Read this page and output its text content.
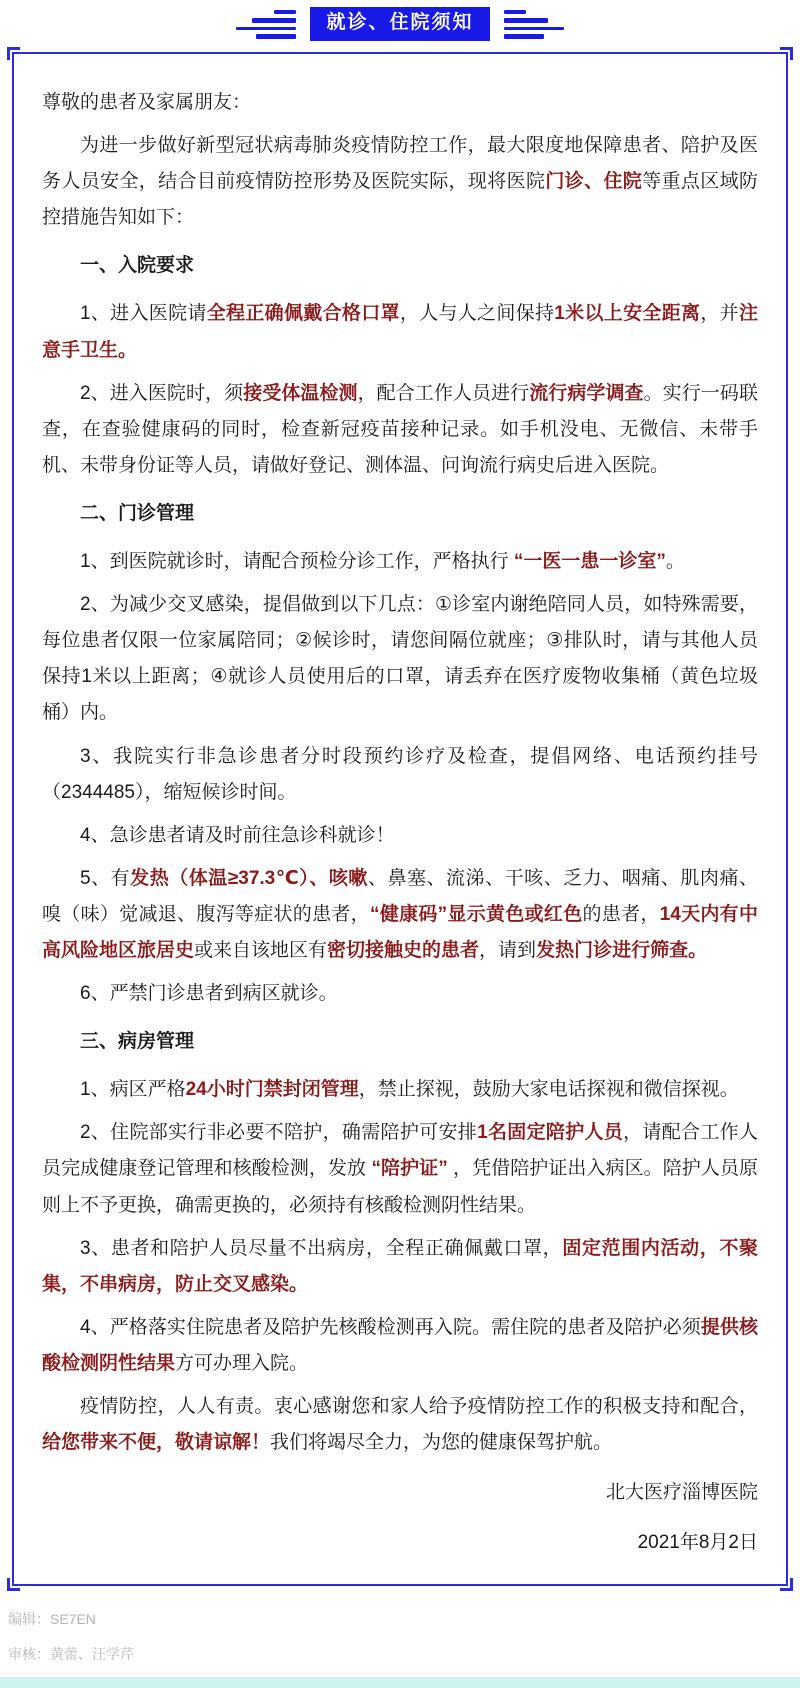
就诊、住院须知

尊敬的患者及家属朋友：

为进一步做好新型冠状病毒肺炎疫情防控工作，最大限度地保障患者、陪护及医务人员安全，结合目前疫情防控形势及医院实际，现将医院门诊、住院等重点区域防控措施告知如下：

一、入院要求

1、进入医院请全程正确佩戴合格口罩，人与人之间保持1米以上安全距离，并注意手卫生。

2、进入医院时，须接受体温检测，配合工作人员进行流行病学调查。实行一码联查，在查验健康码的同时，检查新冠疫苗接种记录。如手机没电、无微信、未带手机、未带身份证等人员，请做好登记、测体温、问询流行病史后进入医院。

二、门诊管理

1、到医院就诊时，请配合预检分诊工作，严格执行 “一医一患一诊室”。

2、为减少交叉感染，提倡做到以下几点：①诊室内谢绝陪同人员，如特殊需要，每位患者仅限一位家属陪同；②候诊时，请您间隔位就座；③排队时，请与其他人员保持1米以上距离；④就诊人员使用后的口罩，请丢弃在医疗废物收集桶（黄色垃圾桶）内。

3、我院实行非急诊患者分时段预约诊疗及检查，提倡网络、电话预约挂号（2344485），缩短候诊时间。

4、急诊患者请及时前往急诊科就诊！

5、有发热（体温≥37.3℃）、咳嗽、鼻塞、流涕、干咳、乏力、咽痛、肌肉痛、嗅（味）觉减退、腹泻等症状的患者，“健康码”显示黄色或红色的患者，14天内有中高风险地区旅居史或来自该地区有密切接触史的患者，请到发热门诊进行筛查。

6、严禁门诊患者到病区就诊。

三、病房管理

1、病区严格24小时门禁封闭管理，禁止探视，鼓励大家电话探视和微信探视。

2、住院部实行非必要不陪护，确需陪护可安排1名固定陪护人员，请配合工作人员完成健康登记管理和核酸检测，发放 “陪护证” ，凭借陪护证出入病区。陪护人员原则上不予更换，确需更换的，必须持有核酸检测阴性结果。

3、患者和陪护人员尽量不出病房，全程正确佩戴口罩，固定范围内活动，不聚集，不串病房，防止交叉感染。

4、严格落实住院患者及陪护先核酸检测再入院。需住院的患者及陪护必须提供核酸检测阴性结果方可办理入院。

疫情防控，人人有责。衷心感谢您和家人给予疫情防控工作的积极支持和配合，给您带来不便，敬请谅解！我们将竭尽全力，为您的健康保驾护航。

北大医疗淄博医院

2021年8月2日

编辑：SE7EN

审核：黄蕾、汪学芹
